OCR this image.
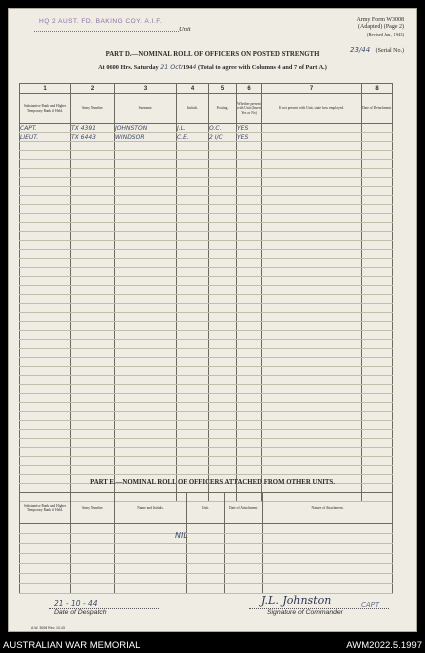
HQ 2 AUST. FD. BAKING COY. A.I.F.
Unit
Army Form W3008
(Adapted) (Page 2)
(Revised Jan., 1943)
23/44 (Serial No.)
PART D.—NOMINAL ROLL OF OFFICERS ON POSTED STRENGTH
At 0600 Hrs. Saturday 21 Oct/1944 (Total to agree with Columns 4 and 7 of Part A.)
1	2	3	4	5	6	7	8
Substantive Rank and Higher Temporary Rank if Held.	Army Number.	Surname.	Initials.	Posting.	Whether present with Unit (Insert Yes or No)	If not present with Unit, state how employed.	Date of Detachment.
CAPT.	TX 4391	JOHNSTON	J.L.	O.C.	YES		
LIEUT.	TX 6443	WINDSOR	C.E.	2 I/C	YES		

PART E.—NOMINAL ROLL OF OFFICERS ATTACHED FROM OTHER UNITS.
Substantive Rank and Higher Temporary Rank if Held.	Army Number.	Name and Initials.	Unit.	Date of Attachment.	Nature of Attachment.

NIL
21 - 10 - 44
Date of Despatch
J.L. Johnston	CAPT
Signature of Commander
A.W. 3008 Rev. 10.43
AUSTRALIAN WAR MEMORIAL	AWM2022.5.1997
